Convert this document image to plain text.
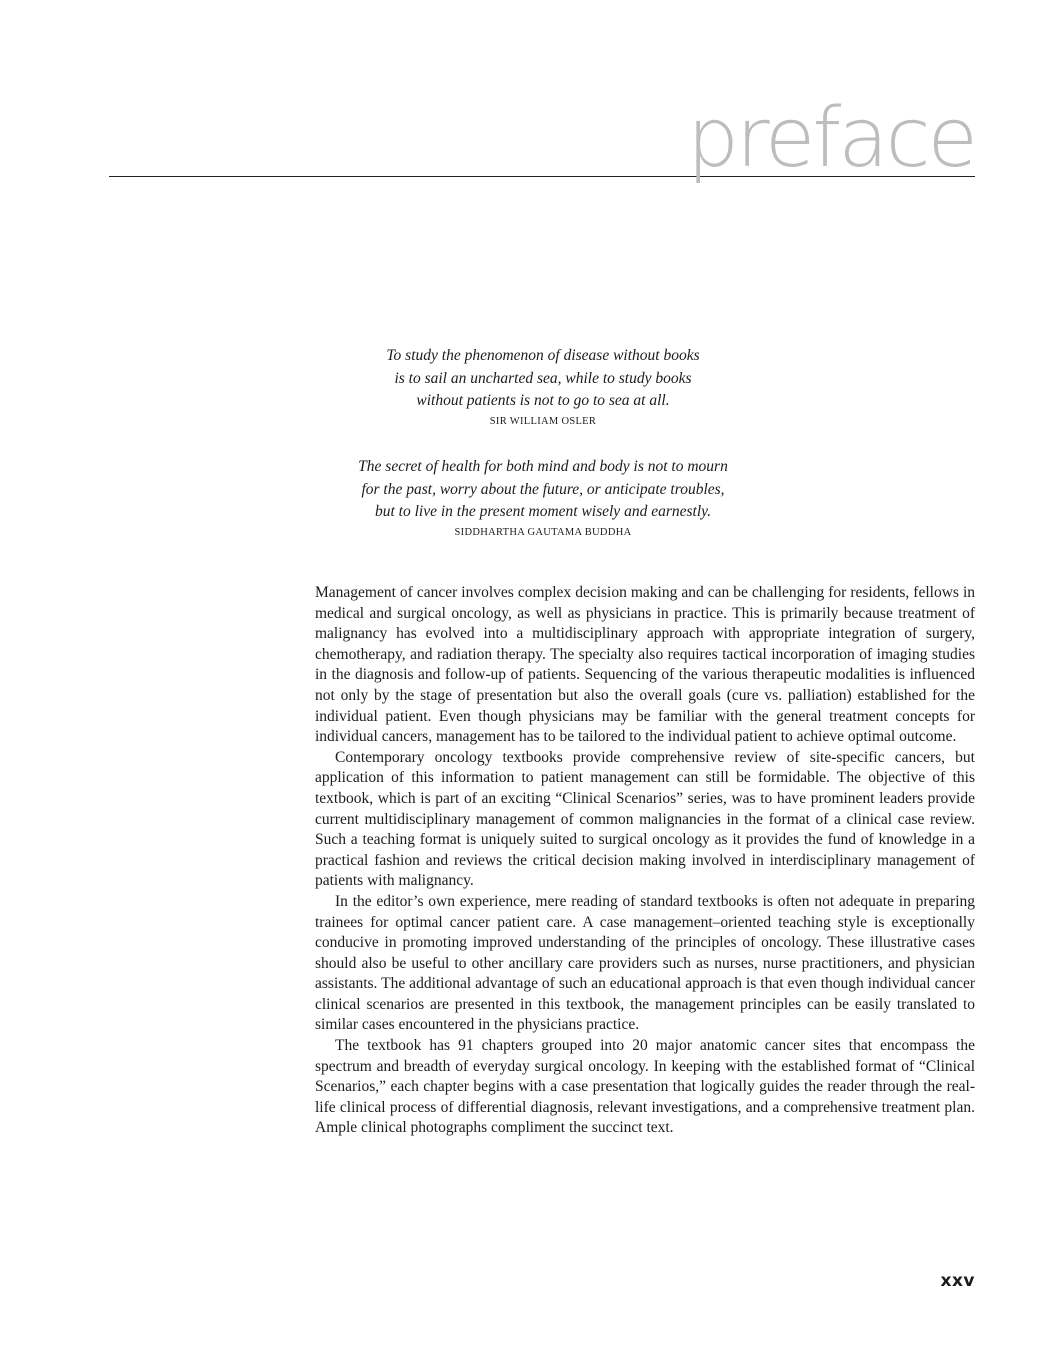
preface
To study the phenomenon of disease without books
is to sail an uncharted sea, while to study books
without patients is not to go to sea at all.
SIR WILLIAM OSLER
The secret of health for both mind and body is not to mourn
for the past, worry about the future, or anticipate troubles,
but to live in the present moment wisely and earnestly.
SIDDHARTHA GAUTAMA BUDDHA

Management of cancer involves complex decision making and can be challenging for residents, fellows in medical and surgical oncology, as well as physicians in practice. This is primarily because treatment of malignancy has evolved into a multidisciplinary approach with appropriate integration of surgery, chemotherapy, and radiation therapy. The specialty also requires tactical incorporation of imaging studies in the diagnosis and follow-up of patients. Sequencing of the various therapeutic modalities is influenced not only by the stage of presentation but also the overall goals (cure vs. palliation) established for the individual patient. Even though physicians may be familiar with the general treatment concepts for individual cancers, management has to be tailored to the individual patient to achieve optimal outcome.

Contemporary oncology textbooks provide comprehensive review of site-specific cancers, but application of this information to patient management can still be formidable. The objective of this textbook, which is part of an exciting “Clinical Scenarios” series, was to have prominent leaders provide current multidisciplinary management of common malignancies in the format of a clinical case review. Such a teaching format is uniquely suited to surgical oncology as it provides the fund of knowledge in a practical fashion and reviews the critical decision making involved in interdisciplinary management of patients with malignancy.

In the editor’s own experience, mere reading of standard textbooks is often not adequate in preparing trainees for optimal cancer patient care. A case management–oriented teaching style is exceptionally conducive in promoting improved understanding of the principles of oncology. These illustrative cases should also be useful to other ancillary care providers such as nurses, nurse practitioners, and physician assistants. The additional advantage of such an educational approach is that even though individual cancer clinical scenarios are presented in this textbook, the management principles can be easily translated to similar cases encountered in the physicians practice.

The textbook has 91 chapters grouped into 20 major anatomic cancer sites that encompass the spectrum and breadth of everyday surgical oncology. In keeping with the established format of “Clinical Scenarios,” each chapter begins with a case presentation that logically guides the reader through the real-life clinical process of differential diagnosis, relevant investigations, and a comprehensive treatment plan. Ample clinical photographs compliment the succinct text.

xxv
